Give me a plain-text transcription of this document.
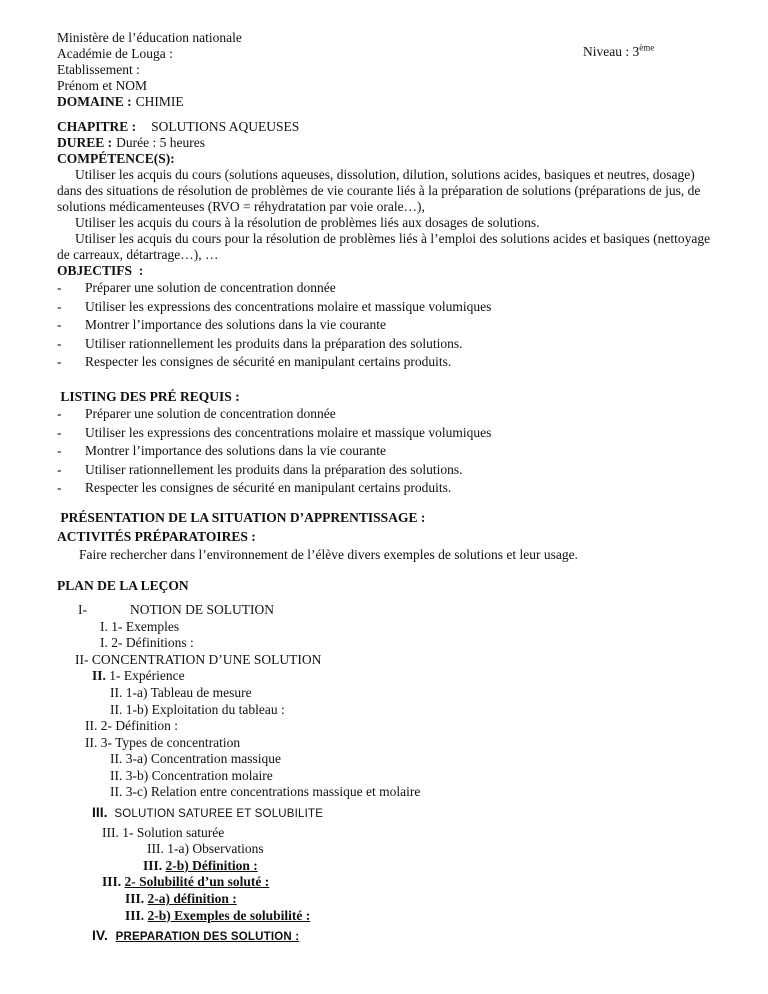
Ministère de l’éducation nationale
Académie de Louga :
Etablissement :
Prénom et NOM
DOMAINE : CHIMIE
Niveau : 3ème
CHAPITRE : SOLUTIONS AQUEUSES
DUREE : Durée : 5 heures
COMPÉTENCE(S):

Utiliser les acquis du cours (solutions aqueuses, dissolution, dilution, solutions acides, basiques et neutres, dosage) dans des situations de résolution de problèmes de vie courante liés à la préparation de solutions (préparations de jus, de solutions médicamenteuses (RVO = réhydratation par voie orale…),

Utiliser les acquis du cours à la résolution de problèmes liés aux dosages de solutions.

Utiliser les acquis du cours pour la résolution de problèmes liés à l’emploi des solutions acides et basiques (nettoyage de carreaux, détartrage…), …

OBJECTIFS  :
- Préparer une solution de concentration donnée
- Utiliser les expressions des concentrations molaire et massique volumiques
- Montrer l’importance des solutions dans la vie courante
- Utiliser rationnellement les produits dans la préparation des solutions.
- Respecter les consignes de sécurité en manipulant certains produits.
LISTING DES PRÉ REQUIS :
- Préparer une solution de concentration donnée
- Utiliser les expressions des concentrations molaire et massique volumiques
- Montrer l’importance des solutions dans la vie courante
- Utiliser rationnellement les produits dans la préparation des solutions.
- Respecter les consignes de sécurité en manipulant certains produits.
PRÉSENTATION DE LA SITUATION D’APPRENTISSAGE :
ACTIVITÉS PRÉPARATOIRES :
Faire rechercher dans l’environnement de l’élève divers exemples de solutions et leur usage.
PLAN DE LA LEÇON
I-	NOTION DE SOLUTION
I. 1- Exemples
I. 2- Définitions :
II- CONCENTRATION D’UNE SOLUTION
II. 1- Expérience
II. 1-a) Tableau de mesure
II. 1-b) Exploitation du tableau :
II. 2- Définition :
II. 3- Types de concentration
II. 3-a) Concentration massique
II. 3-b) Concentration molaire
II. 3-c) Relation entre concentrations massique et molaire
III.  SOLUTION SATUREE ET SOLUBILITE
III. 1- Solution saturée
III. 1-a) Observations
III. 2-b) Définition :
III. 2- Solubilité d’un soluté :
III. 2-a) définition :
III. 2-b) Exemples de solubilité :
IV.  PREPARATION DES SOLUTION :
